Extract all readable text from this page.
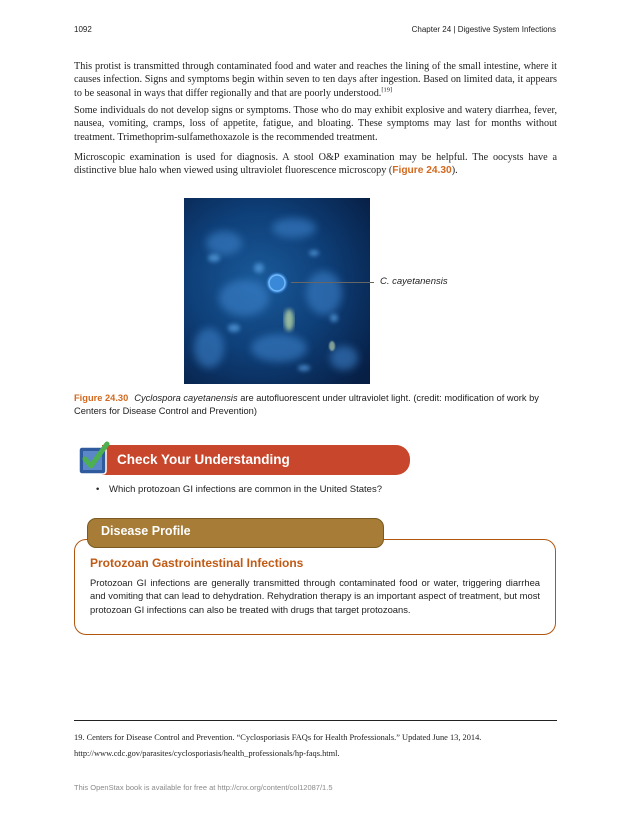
1092	Chapter 24 | Digestive System Infections
This protist is transmitted through contaminated food and water and reaches the lining of the small intestine, where it causes infection. Signs and symptoms begin within seven to ten days after ingestion. Based on limited data, it appears to be seasonal in ways that differ regionally and that are poorly understood.[19]
Some individuals do not develop signs or symptoms. Those who do may exhibit explosive and watery diarrhea, fever, nausea, vomiting, cramps, loss of appetite, fatigue, and bloating. These symptoms may last for months without treatment. Trimethoprim-sulfamethoxazole is the recommended treatment.
Microscopic examination is used for diagnosis. A stool O&P examination may be helpful. The oocysts have a distinctive blue halo when viewed using ultraviolet fluorescence microscopy (Figure 24.30).
C. cayetanensis
Figure 24.30 Cyclospora cayetanensis are autofluorescent under ultraviolet light. (credit: modification of work by Centers for Disease Control and Prevention)
Check Your Understanding
• Which protozoan GI infections are common in the United States?
Disease Profile
Protozoan Gastrointestinal Infections
Protozoan GI infections are generally transmitted through contaminated food or water, triggering diarrhea and vomiting that can lead to dehydration. Rehydration therapy is an important aspect of treatment, but most protozoan GI infections can also be treated with drugs that target protozoans.
19. Centers for Disease Control and Prevention. “Cyclosporiasis FAQs for Health Professionals.” Updated June 13, 2014.
http://www.cdc.gov/parasites/cyclosporiasis/health_professionals/hp-faqs.html.
This OpenStax book is available for free at http://cnx.org/content/col12087/1.5
